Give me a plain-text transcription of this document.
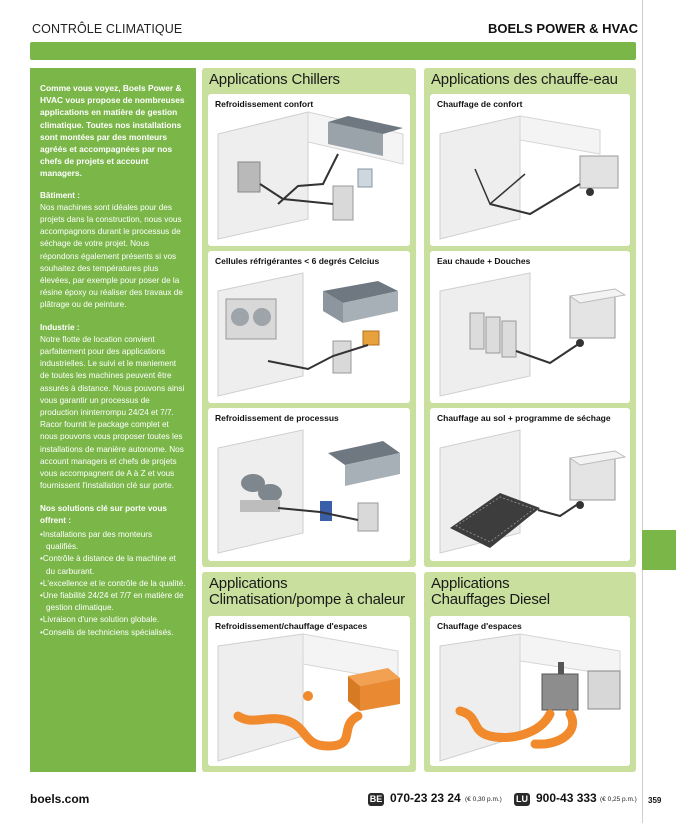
CONTRÔLE CLIMATIQUE	BOELS POWER & HVAC

Comme vous voyez, Boels Power & HVAC vous propose de nombreuses applications en matière de gestion climatique. Toutes nos installations sont montées par des monteurs agréés et accompagnées par nos chefs de projets et account managers.

Bâtiment :
Nos machines sont idéales pour des projets dans la construction, nous vous accompagnons durant le processus de séchage de votre projet. Nous répondons également présents si vos souhaitez des températures plus élevées, par exemple pour poser de la résine époxy ou réaliser des travaux de plâtrage ou de peinture.

Industrie :
Notre flotte de location convient parfaitement pour des applications industrielles. Le suivi et le maniement de toutes les machines peuvent être assurés à distance. Nous pouvons ainsi vous garantir un processus de production ininterrompu 24/24 et 7/7. Racor fournit le package complet et nous pouvons vous proposer toutes les installations de manière autonome. Nos account managers et chefs de projets vous accompagnent de A à Z et vous fournissent l'installation clé sur porte.

Nos solutions clé sur porte vous offrent :

• Installations par des monteurs qualifiés.
• Contrôle à distance de la machine et du carburant.
• L'excellence et le contrôle de la qualité.
• Une fiabilité 24/24 et 7/7 en matière de gestion climatique.
• Livraison d'une solution globale.
• Conseils de techniciens spécialisés.
Applications Chillers
Refroidissement confort
Cellules réfrigérantes < 6 degrés Celcius
Refroidissement de processus
Applications des chauffe-eau
Chauffage de confort
Eau chaude + Douches
Chauffage au sol + programme de séchage
Applications
Climatisation/pompe à chaleur
Refroidissement/chauffage d'espaces
Applications
Chauffages Diesel
Chauffage d'espaces
boels.com	BE 070-23 23 24 (€ 0,30 p.m.) LU 900-43 333 (€ 0,25 p.m.) 359
